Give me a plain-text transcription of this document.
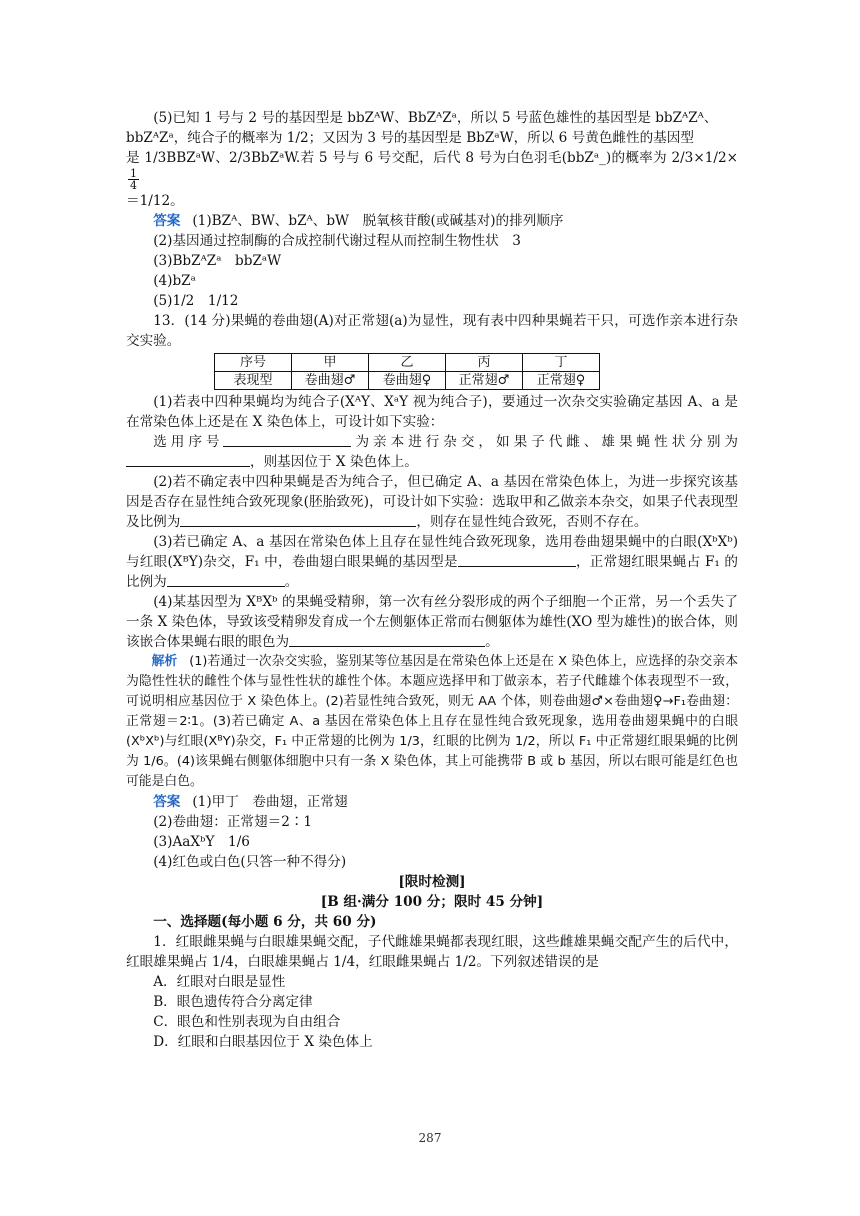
(5)已知 1 号与 2 号的基因型是 bbZᴬW、BbZᴬZᵃ，所以 5 号蓝色雄性的基因型是 bbZᴬZᴬ、

bbZᴬZᵃ，纯合子的概率为 1/2；又因为 3 号的基因型是 BbZᵃW，所以 6 号黄色雌性的基因型

是 1/3BBZᵃW、2/3BbZᵃW.若 5 号与 6 号交配，后代 8 号为白色羽毛(bbZᵃ_)的概率为 2/3×1/2×
$\frac{1}{4}$

＝1/12。

答案 (1)BZᴬ、BW、bZᴬ、bW　脱氧核苷酸(或碱基对)的排列顺序

(2)基因通过控制酶的合成控制代谢过程从而控制生物性状　3

(3)BbZᴬZᵃ　bbZᵃW

(4)bZᵃ

(5)1/2　1/12

13．(14 分)果蝇的卷曲翅(A)对正常翅(a)为显性，现有表中四种果蝇若干只，可选作亲本进行杂交实验。

序号	甲	乙	丙	丁
表现型	卷曲翅♂	卷曲翅♀	正常翅♂	正常翅♀

(1)若表中四种果蝇均为纯合子(XᴬY、XᵃY 视为纯合子)，要通过一次杂交实验确定基因 A、a 是在常染色体上还是在 X 染色体上，可设计如下实验：

选用序号	为亲本进行杂交，如果子代雌、雄果蝇性状分别为，则基因位于 X 染色体上。

(2)若不确定表中四种果蝇是否为纯合子，但已确定 A、a 基因在常染色体上，为进一步探究该基因是否存在显性纯合致死现象(胚胎致死)，可设计如下实验：选取甲和乙做亲本杂交，如果子代表现型及比例为	，则存在显性纯合致死，否则不存在。

(3)若已确定 A、a 基因在常染色体上且存在显性纯合致死现象，选用卷曲翅果蝇中的白眼(XᵇXᵇ)与红眼(XᴮY)杂交，F₁ 中，卷曲翅白眼果蝇的基因型是	，正常翅红眼果蝇占 F₁ 的比例为	。

(4)某基因型为 XᴮXᵇ 的果蝇受精卵，第一次有丝分裂形成的两个子细胞一个正常，另一个丢失了一条 X 染色体，导致该受精卵发育成一个左侧躯体正常而右侧躯体为雄性(XO 型为雄性)的嵌合体，则该嵌合体果蝇右眼的眼色为	。

解析 (1)若通过一次杂交实验，鉴别某等位基因是在常染色体上还是在 X 染色体上，应选择的杂交亲本为隐性性状的雌性个体与显性性状的雄性个体。本题应选择甲和丁做亲本，若子代雌雄个体表现型不一致，可说明相应基因位于 X 染色体上。(2)若显性纯合致死，则无 AA 个体，则卷曲翅♂×卷曲翅♀→F₁卷曲翅：正常翅＝2∶1。(3)若已确定 A、a 基因在常染色体上且存在显性纯合致死现象，选用卷曲翅果蝇中的白眼(XᵇXᵇ)与红眼(XᴮY)杂交，F₁ 中正常翅的比例为 1/3，红眼的比例为 1/2，所以 F₁ 中正常翅红眼果蝇的比例为 1/6。(4)该果蝇右侧躯体细胞中只有一条 X 染色体，其上可能携带 B 或 b 基因，所以右眼可能是红色也可能是白色。

答案 (1)甲丁　卷曲翅，正常翅

(2)卷曲翅：正常翅＝2∶1

(3)AaXᵇY　1/6

(4)红色或白色(只答一种不得分)

[限时检测]

[B 组·满分 100 分；限时 45 分钟]

一、选择题(每小题 6 分，共 60 分)

1．红眼雌果蝇与白眼雄果蝇交配，子代雌雄果蝇都表现红眼，这些雌雄果蝇交配产生的后代中，红眼雄果蝇占 1/4，白眼雄果蝇占 1/4，红眼雌果蝇占 1/2。下列叙述错误的是

A．红眼对白眼是显性

B．眼色遗传符合分离定律

C．眼色和性别表现为自由组合

D．红眼和白眼基因位于 X 染色体上

287
